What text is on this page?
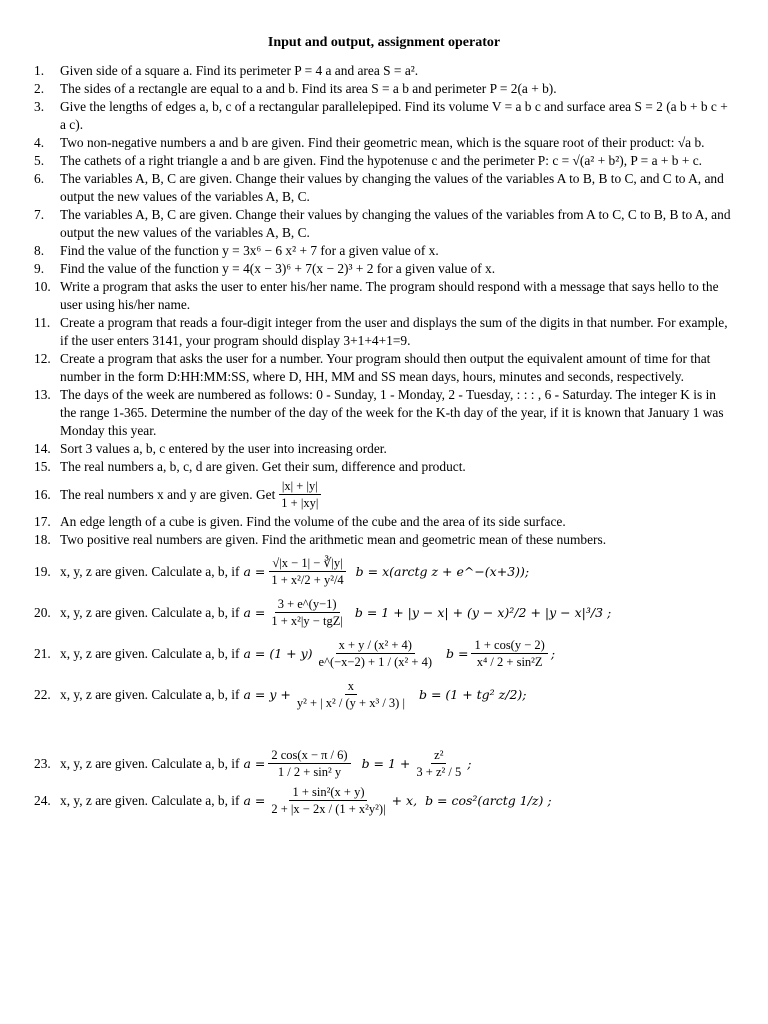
Input and output, assignment operator
1.	Given side of a square a. Find its perimeter P = 4 a and area S = a².
2.	The sides of a rectangle are equal to a and b. Find its area S = a b and perimeter P = 2(a + b).
3.	Give the lengths of edges a, b, c of a rectangular parallelepiped. Find its volume V = a b c and surface area S = 2 (a b + b c + a c).
4.	Two non-negative numbers a and b are given. Find their geometric mean, which is the square root of their product: √a b.
5.	The cathets of a right triangle a and b are given. Find the hypotenuse c and the perimeter P: c = √(a² + b²), P = a + b + c.
6.	The variables A, B, C are given. Change their values by changing the values of the variables A to B, B to C, and C to A, and output the new values of the variables A, B, C.
7.	The variables A, B, C are given. Change their values by changing the values of the variables from A to C, C to B, B to A, and output the new values of the variables A, B, C.
8.	Find the value of the function y = 3x⁶ − 6 x² + 7 for a given value of x.
9.	Find the value of the function y = 4(x − 3)⁶ + 7(x − 2)³ + 2 for a given value of x.
10. Write a program that asks the user to enter his/her name. The program should respond with a message that says hello to the user using his/her name.
11. Create a program that reads a four-digit integer from the user and displays the sum of the digits in that number. For example, if the user enters 3141, your program should display 3+1+4+1=9.
12. Create a program that asks the user for a number. Your program should then output the equivalent amount of time for that number in the form D:HH:MM:SS, where D, HH, MM and SS mean days, hours, minutes and seconds, respectively.
13. The days of the week are numbered as follows: 0 - Sunday, 1 - Monday, 2 - Tuesday, : : : , 6 - Saturday. The integer K is in the range 1-365. Determine the number of the day of the week for the K-th day of the year, if it is known that January 1 was Monday this year.
14. Sort 3 values a, b, c entered by the user into increasing order.
15. The real numbers a, b, c, d are given. Get their sum, difference and product.
16. The real numbers x and y are given. Get $\frac{|x| + |y|}{1 + |xy|}$
17. An edge length of a cube is given. Find the volume of the cube and the area of its side surface.
18. Two positive real numbers are given. Find the arithmetic mean and geometric mean of these numbers.
19. x, y, z are given. Calculate a, b, if $a = \frac{√|x - 1| - ∛|y|}{\text{1 + x²/2 + y²/4}}$ b = x(arctg z + e^−(x+3));
20. x, y, z are given. Calculate a, b, if $a = \frac{3 + e\^{}(y-1)}{\text{1 + x²|y − tgZ|}}$ b = 1 + |y − x| + (y − x)²/2 + |y − x|³/3 ;
21. x, y, z are given. Calculate a, b, if $a = (1 + y) \frac{\text{x + y / (x² + 4)}}{\text{e\textasciicircum{}(−x−2) + 1 / (x² + 4)}}$ $b = \frac{1 + \cos(y - 2)}{\text{x⁴ / 2 + sin²Z}}$ ;
22. x, y, z are given. Calculate a, b, if $a = y + \frac{x}{\text{y² + | x² / (y + x³ / 3) |}}$ b = (1 + tg² z/2);
23. x, y, z are given. Calculate a, b, if $a = \frac{2 \cos(x - \pi / 6)}{\text{1 / 2 + sin² y}}$ $b = 1 + \frac{\text{z²}}{\text{3 + z² / 5}}$ ;
24. x, y, z are given. Calculate a, b, if $a = \frac{\text{1 + sin²(x + y)}}{\text{2 + |x − 2x / (1 + x²y²)|}} + x$, b = cos²(arctg 1/z) ;
